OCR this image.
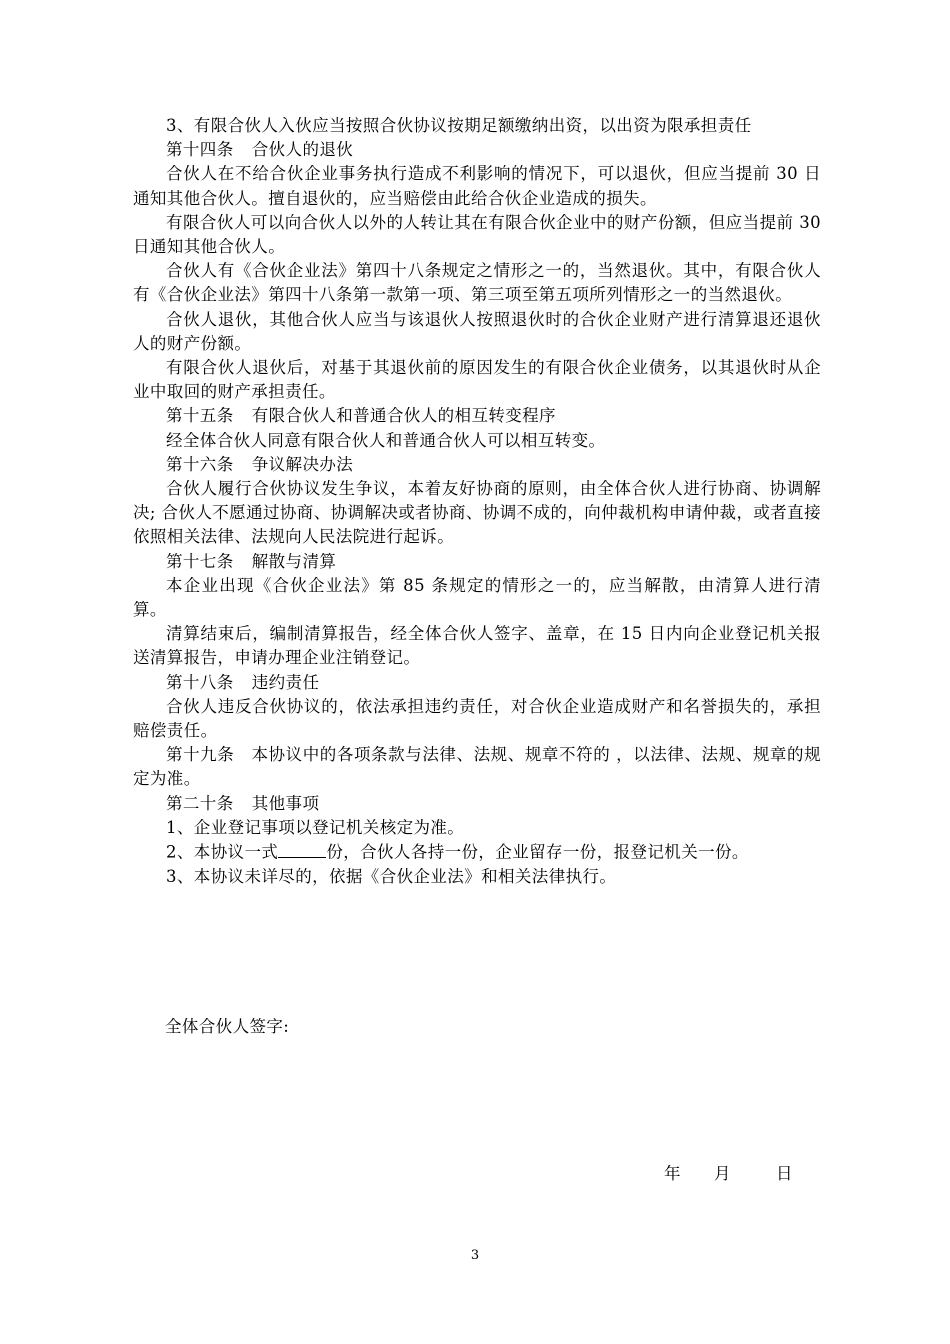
3、有限合伙人入伙应当按照合伙协议按期足额缴纳出资，以出资为限承担责任

第十四条 合伙人的退伙

合伙人在不给合伙企业事务执行造成不利影响的情况下，可以退伙，但应当提前 30 日通知其他合伙人。擅自退伙的，应当赔偿由此给合伙企业造成的损失。

有限合伙人可以向合伙人以外的人转让其在有限合伙企业中的财产份额，但应当提前 30 日通知其他合伙人。

合伙人有《合伙企业法》第四十八条规定之情形之一的，当然退伙。其中，有限合伙人有《合伙企业法》第四十八条第一款第一项、第三项至第五项所列情形之一的当然退伙。

合伙人退伙，其他合伙人应当与该退伙人按照退伙时的合伙企业财产进行清算退还退伙人的财产份额。

有限合伙人退伙后，对基于其退伙前的原因发生的有限合伙企业债务，以其退伙时从企业中取回的财产承担责任。

第十五条 有限合伙人和普通合伙人的相互转变程序

经全体合伙人同意有限合伙人和普通合伙人可以相互转变。

第十六条 争议解决办法

合伙人履行合伙协议发生争议，本着友好协商的原则，由全体合伙人进行协商、协调解决; 合伙人不愿通过协商、协调解决或者协商、协调不成的，向仲裁机构申请仲裁，或者直接依照相关法律、法规向人民法院进行起诉。

第十七条 解散与清算

本企业出现《合伙企业法》第 85 条规定的情形之一的，应当解散，由清算人进行清算。

清算结束后，编制清算报告，经全体合伙人签字、盖章，在 15 日内向企业登记机关报送清算报告，申请办理企业注销登记。

第十八条 违约责任

合伙人违反合伙协议的，依法承担违约责任，对合伙企业造成财产和名誉损失的，承担赔偿责任。

第十九条　本协议中的各项条款与法律、法规、规章不符的 ，以法律、法规、规章的规定为准。

第二十条 其他事项

1、企业登记事项以登记机关核定为准。

2、本协议一式	份，合伙人各持一份，企业留存一份，报登记机关一份。

3、本协议未详尽的，依据《合伙企业法》和相关法律执行。

全体合伙人签字:
年 月	日
3
